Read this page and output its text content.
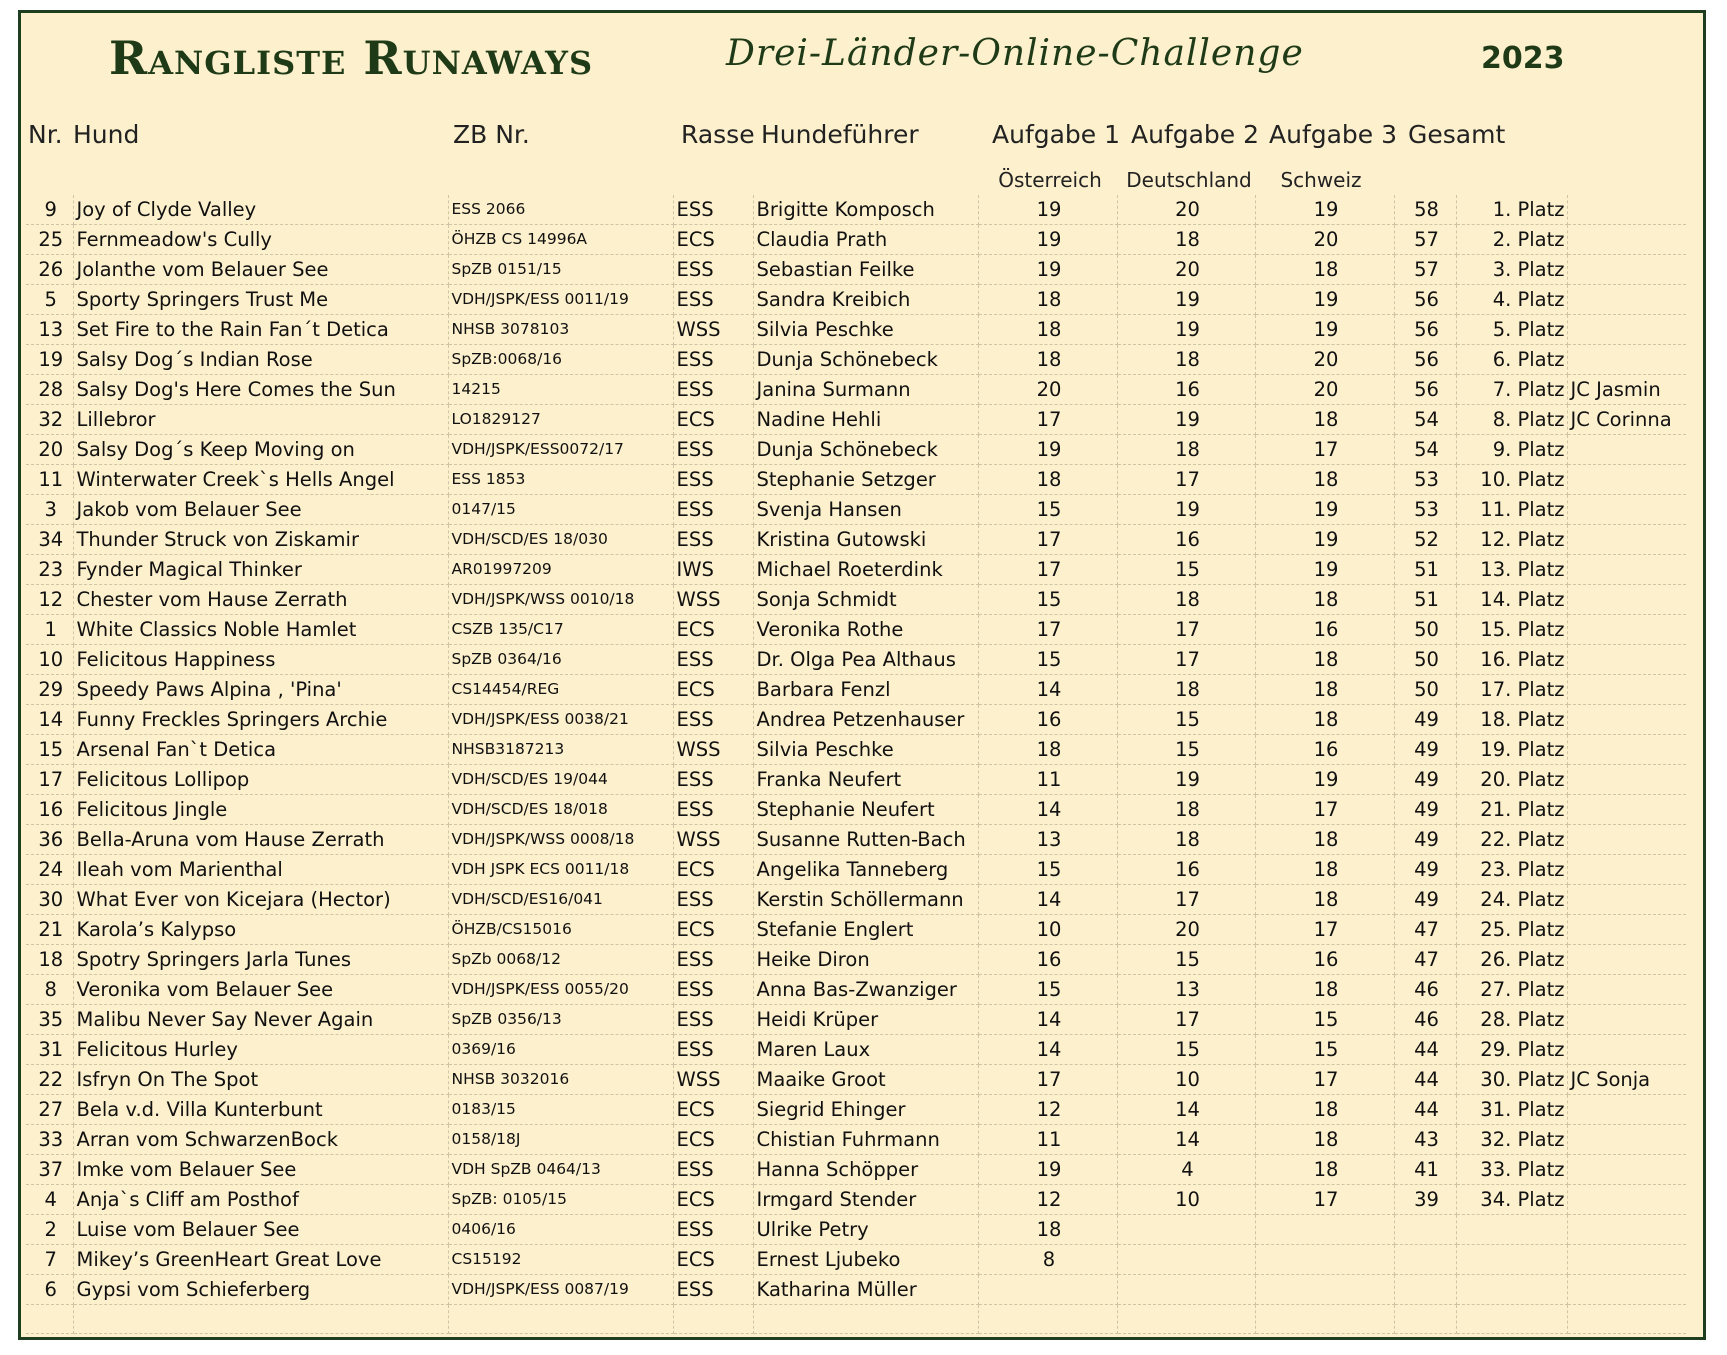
Rangliste Runaways	Drei-Länder-Online-Challenge	2023
Nr. Hund	ZB Nr.	Rasse Hundeführer	Aufgabe 1 Aufgabe 2 Aufgabe 3 Gesamt
Österreich	Deutschland	Schweiz
9	Joy of Clyde Valley	ESS 2066	ESS	Brigitte Komposch	19	20	19	58	1. Platz	
25	Fernmeadow's Cully	ÖHZB CS 14996A	ECS	Claudia Prath	19	18	20	57	2. Platz	
26	Jolanthe vom Belauer See	SpZB 0151/15	ESS	Sebastian Feilke	19	20	18	57	3. Platz	
5	Sporty Springers Trust Me	VDH/JSPK/ESS 0011/19	ESS	Sandra Kreibich	18	19	19	56	4. Platz	
13	Set Fire to the Rain Fan´t Detica	NHSB 3078103	WSS	Silvia Peschke	18	19	19	56	5. Platz	
19	Salsy Dog´s Indian Rose	SpZB:0068/16	ESS	Dunja Schönebeck	18	18	20	56	6. Platz	
28	Salsy Dog's Here Comes the Sun	14215	ESS	Janina Surmann	20	16	20	56	7. Platz	JC Jasmin
32	Lillebror	LO1829127	ECS	Nadine Hehli	17	19	18	54	8. Platz	JC Corinna
20	Salsy Dog´s Keep Moving on	VDH/JSPK/ESS0072/17	ESS	Dunja Schönebeck	19	18	17	54	9. Platz	
11	Winterwater Creek`s Hells Angel	ESS 1853	ESS	Stephanie Setzger	18	17	18	53	10. Platz	
3	Jakob vom Belauer See	0147/15	ESS	Svenja Hansen	15	19	19	53	11. Platz	
34	Thunder Struck von Ziskamir	VDH/SCD/ES 18/030	ESS	Kristina Gutowski	17	16	19	52	12. Platz	
23	Fynder Magical Thinker	AR01997209	IWS	Michael Roeterdink	17	15	19	51	13. Platz	
12	Chester vom Hause Zerrath	VDH/JSPK/WSS 0010/18	WSS	Sonja Schmidt	15	18	18	51	14. Platz	
1	White Classics Noble Hamlet	CSZB 135/C17	ECS	Veronika Rothe	17	17	16	50	15. Platz	
10	Felicitous Happiness	SpZB 0364/16	ESS	Dr. Olga Pea Althaus	15	17	18	50	16. Platz	
29	Speedy Paws Alpina , 'Pina'	CS14454/REG	ECS	Barbara Fenzl	14	18	18	50	17. Platz	
14	Funny Freckles Springers Archie	VDH/JSPK/ESS 0038/21	ESS	Andrea Petzenhauser	16	15	18	49	18. Platz	
15	Arsenal Fan`t Detica	NHSB3187213	WSS	Silvia Peschke	18	15	16	49	19. Platz	
17	Felicitous Lollipop	VDH/SCD/ES 19/044	ESS	Franka Neufert	11	19	19	49	20. Platz	
16	Felicitous Jingle	VDH/SCD/ES 18/018	ESS	Stephanie Neufert	14	18	17	49	21. Platz	
36	Bella-Aruna vom Hause Zerrath	VDH/JSPK/WSS 0008/18	WSS	Susanne Rutten-Bach	13	18	18	49	22. Platz	
24	Ileah vom Marienthal	VDH JSPK ECS 0011/18	ECS	Angelika Tanneberg	15	16	18	49	23. Platz	
30	What Ever von Kicejara (Hector)	VDH/SCD/ES16/041	ESS	Kerstin Schöllermann	14	17	18	49	24. Platz	
21	Karola’s Kalypso	ÖHZB/CS15016	ECS	Stefanie Englert	10	20	17	47	25. Platz	
18	Spotry Springers Jarla Tunes	SpZb 0068/12	ESS	Heike Diron	16	15	16	47	26. Platz	
8	Veronika vom Belauer See	VDH/JSPK/ESS 0055/20	ESS	Anna Bas-Zwanziger	15	13	18	46	27. Platz	
35	Malibu Never Say Never Again	SpZB 0356/13	ESS	Heidi Krüper	14	17	15	46	28. Platz	
31	Felicitous Hurley	0369/16	ESS	Maren Laux	14	15	15	44	29. Platz	
22	Isfryn On The Spot	NHSB 3032016	WSS	Maaike Groot	17	10	17	44	30. Platz	JC Sonja
27	Bela v.d. Villa Kunterbunt	0183/15	ECS	Siegrid Ehinger	12	14	18	44	31. Platz	
33	Arran vom SchwarzenBock	0158/18J	ECS	Chistian Fuhrmann	11	14	18	43	32. Platz	
37	Imke vom Belauer See	VDH SpZB 0464/13	ESS	Hanna Schöpper	19	4	18	41	33. Platz	
4	Anja`s Cliff am Posthof	SpZB: 0105/15	ECS	Irmgard Stender	12	10	17	39	34. Platz	
2	Luise vom Belauer See	0406/16	ESS	Ulrike Petry	18					
7	Mikey’s GreenHeart Great Love	CS15192	ECS	Ernest Ljubeko	8					
6	Gypsi vom Schieferberg	VDH/JSPK/ESS 0087/19	ESS	Katharina Müller						
